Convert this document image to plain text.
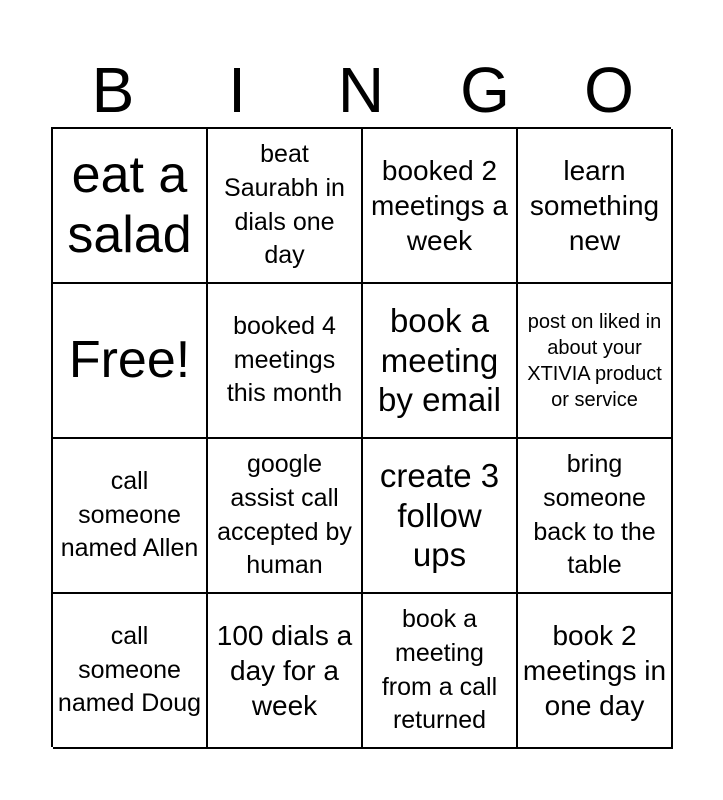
B	I	N	G	O
eat a salad
beat Saurabh in dials one day
booked 2 meetings a week
learn something new
Free!
booked 4 meetings this month
book a meeting by email
post on liked in about your XTIVIA product or service
call someone named Allen
google assist call accepted by human
create 3 follow ups
bring someone back to the table
call someone named Doug
100 dials a day for a week
book a meeting from a call returned
book 2 meetings in one day
